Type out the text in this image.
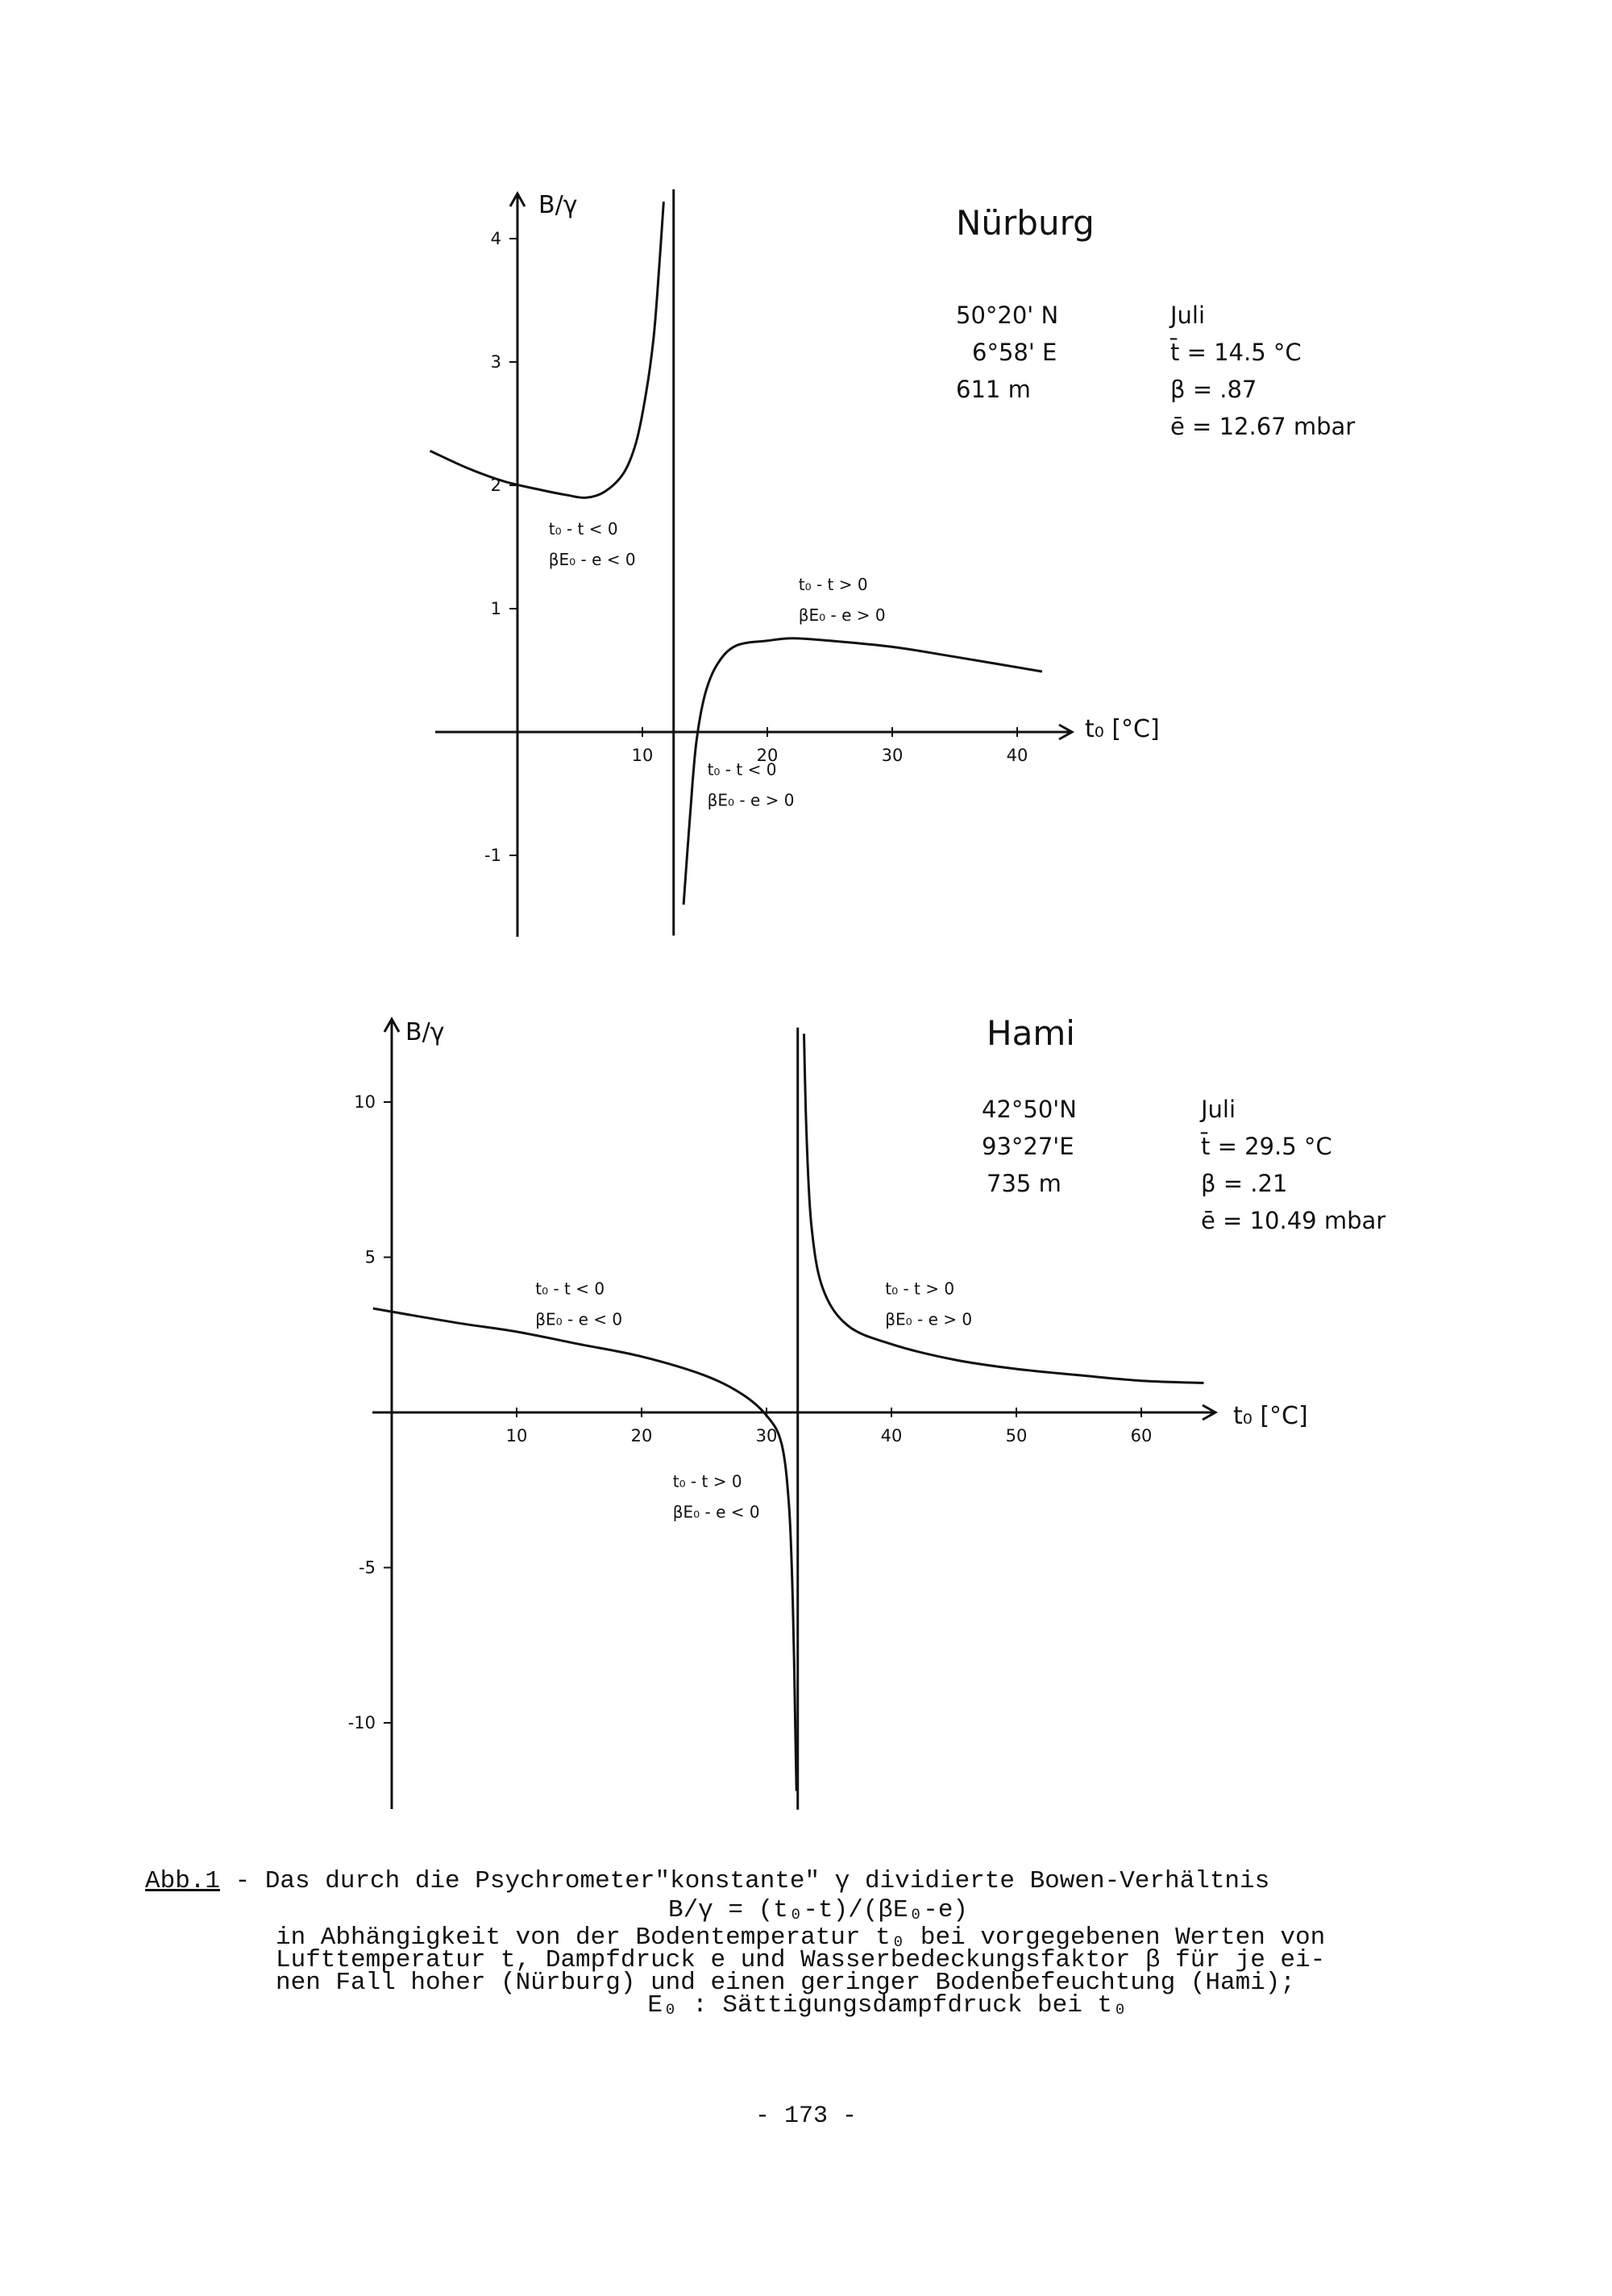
10	20	30	40
4
3
2
1
-1
B/γ
t₀ [°C]
Nürburg
50°20' N
6°58' E
611 m
Juli
t̄ = 14.5 °C
β = .87
ē = 12.67 mbar
t₀ - t < 0
βE₀ - e < 0
t₀ - t > 0
βE₀ - e > 0
t₀ - t < 0
βE₀ - e > 0
10	20	30	40	50	60
10
5
-5
-10
B/γ
t₀ [°C]
Hami
42°50'N
93°27'E
735 m
Juli
t̄ = 29.5 °C
β = .21
ē = 10.49 mbar
t₀ - t < 0
βE₀ - e < 0
t₀ - t > 0
βE₀ - e > 0
t₀ - t > 0
βE₀ - e < 0
Abb.1 - Das durch die Psychrometer"konstante" γ dividierte Bowen-Verhältnis
B/γ = (t₀-t)/(βE₀-e)
in Abhängigkeit von der Bodentemperatur t₀ bei vorgegebenen Werten von
Lufttemperatur t, Dampfdruck e und Wasserbedeckungsfaktor β für je ei-
nen Fall hoher (Nürburg) und einen geringer Bodenbefeuchtung (Hami);
E₀ : Sättigungsdampfdruck bei t₀
- 173 -
